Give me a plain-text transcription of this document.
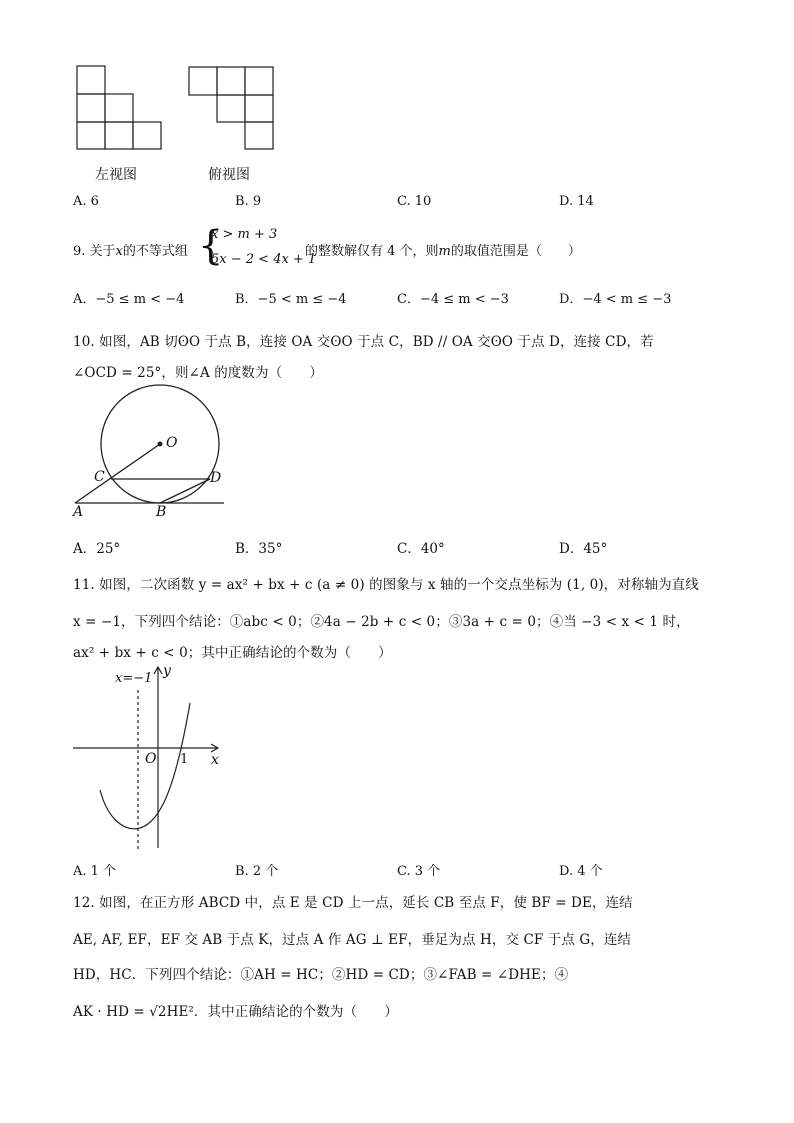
左视图	俯视图
A. 6	B. 9	C. 10	D. 14
9. 关于x的不等式组 {
x > m + 3
5x − 2 < 4x + 1
的整数解仅有 4 个，则m的取值范围是（　　）
A．−5 ≤ m < −4	B．−5 < m ≤ −4	C．−4 ≤ m < −3	D．−4 < m ≤ −3
10. 如图，AB 切ʘO 于点 B，连接 OA 交ʘO 于点 C，BD // OA 交ʘO 于点 D，连接 CD，若
∠OCD = 25°，则∠A 的度数为（　　）
O
C	D
A	B
A．25°	B．35°	C．40°	D．45°
11. 如图，二次函数 y = ax² + bx + c (a ≠ 0) 的图象与 x 轴的一个交点坐标为 (1, 0)，对称轴为直线
x = −1，下列四个结论：①abc < 0；②4a − 2b + c < 0；③3a + c = 0；④当 −3 < x < 1 时，
ax² + bx + c < 0；其中正确结论的个数为（　　）
x=−1 y
x
O 1
A. 1 个	B. 2 个	C. 3 个	D. 4 个
12. 如图，在正方形 ABCD 中，点 E 是 CD 上一点，延长 CB 至点 F，使 BF = DE，连结
AE, AF, EF，EF 交 AB 于点 K，过点 A 作 AG ⊥ EF，垂足为点 H，交 CF 于点 G，连结
HD，HC．下列四个结论：①AH = HC；②HD = CD；③∠FAB = ∠DHE；④
AK · HD = √2HE²．其中正确结论的个数为（　　）
